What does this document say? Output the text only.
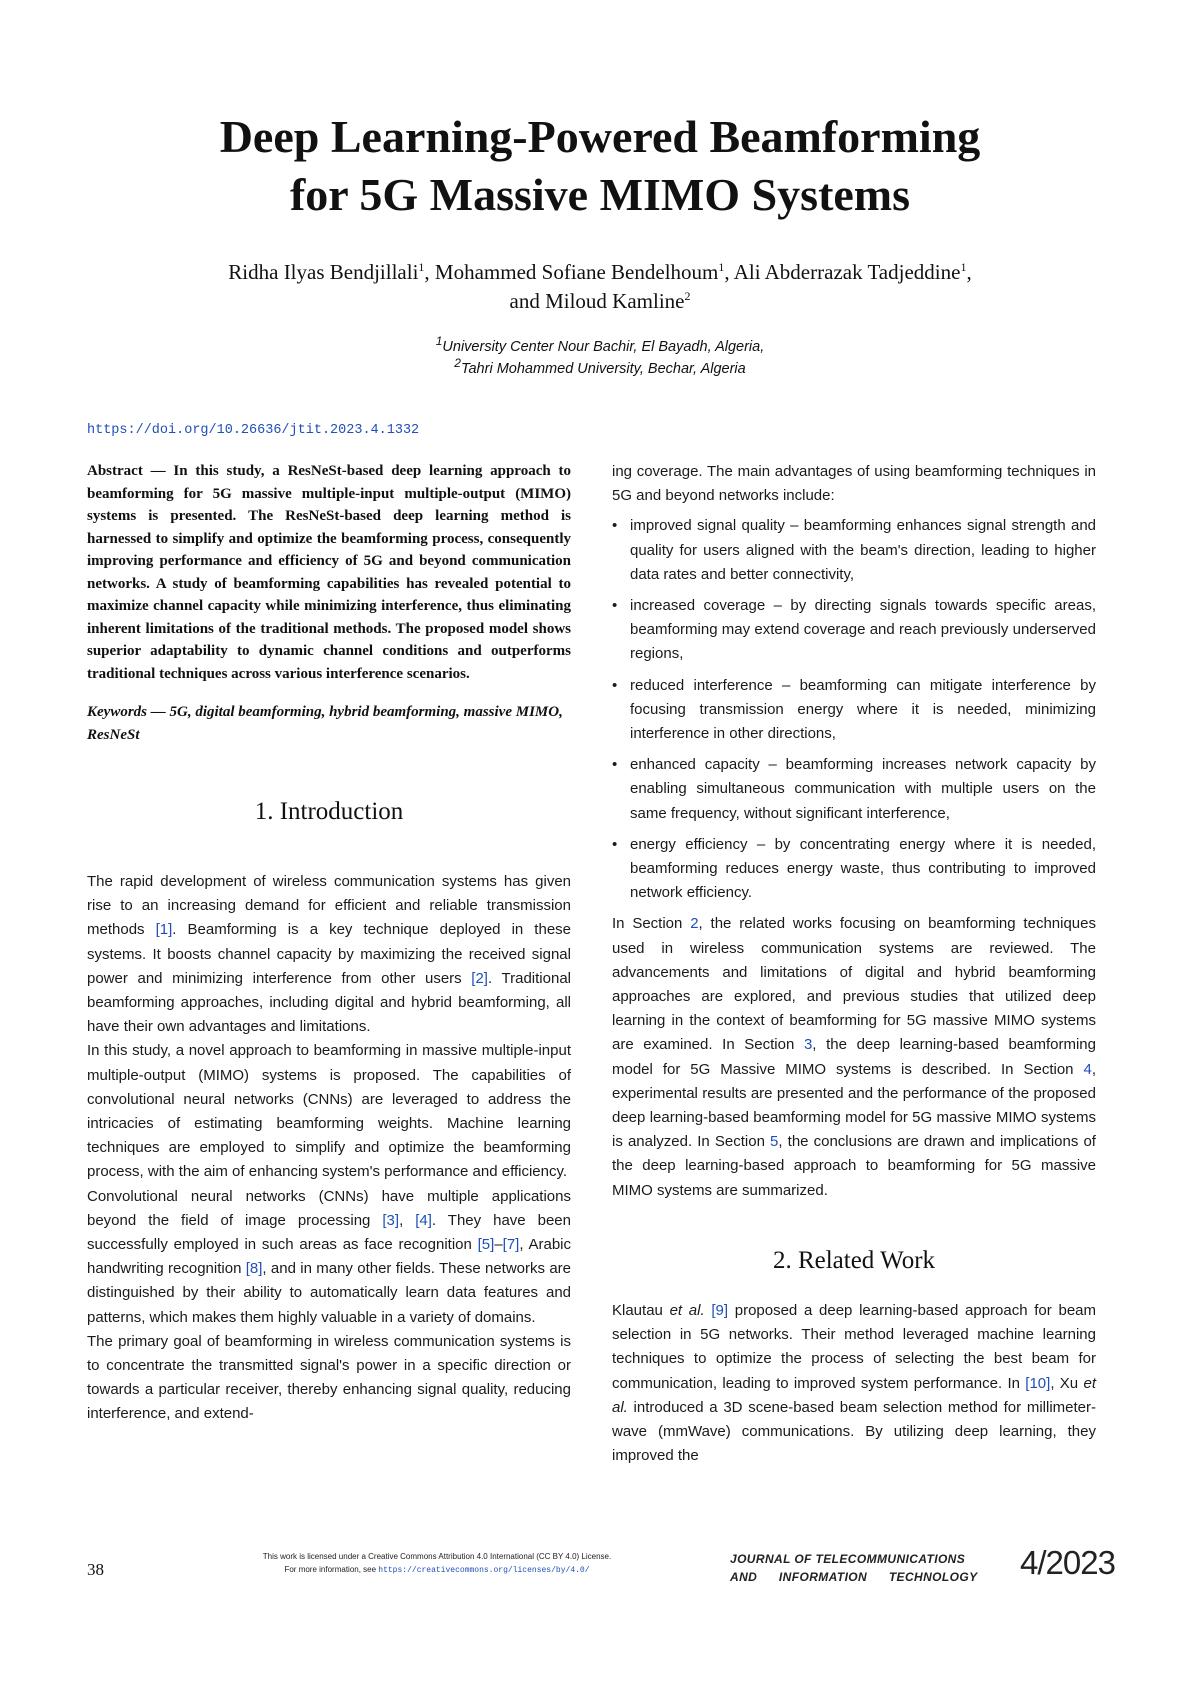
Deep Learning-Powered Beamforming
for 5G Massive MIMO Systems

Ridha Ilyas Bendjillali$^1$, Mohammed Sofiane Bendelhoum$^1$, Ali Abderrazak Tadjeddine$^1$,
and Miloud Kamline$^2$

$^1$University Center Nour Bachir, El Bayadh, Algeria,
$^2$Tahri Mohammed University, Bechar, Algeria

https://doi.org/10.26636/jtit.2023.4.1332

Abstract — In this study, a ResNeSt-based deep learning approach to beamforming for 5G massive multiple-input multiple-output (MIMO) systems is presented. The ResNeSt-based deep learning method is harnessed to simplify and optimize the beamforming process, consequently improving performance and efficiency of 5G and beyond communication networks. A study of beamforming capabilities has revealed potential to maximize channel capacity while minimizing interference, thus eliminating inherent limitations of the traditional methods. The proposed model shows superior adaptability to dynamic channel conditions and outperforms traditional techniques across various interference scenarios.

Keywords — 5G, digital beamforming, hybrid beamforming, massive MIMO, ResNeSt

1. Introduction

The rapid development of wireless communication systems has given rise to an increasing demand for efficient and reliable transmission methods [1]. Beamforming is a key technique deployed in these systems. It boosts channel capacity by maximizing the received signal power and minimizing interference from other users [2]. Traditional beamforming approaches, including digital and hybrid beamforming, all have their own advantages and limitations.

In this study, a novel approach to beamforming in massive multiple-input multiple-output (MIMO) systems is proposed. The capabilities of convolutional neural networks (CNNs) are leveraged to address the intricacies of estimating beamforming weights. Machine learning techniques are employed to simplify and optimize the beamforming process, with the aim of enhancing system's performance and efficiency.

Convolutional neural networks (CNNs) have multiple applications beyond the field of image processing [3], [4]. They have been successfully employed in such areas as face recognition [5]–[7], Arabic handwriting recognition [8], and in many other fields. These networks are distinguished by their ability to automatically learn data features and patterns, which makes them highly valuable in a variety of domains.

The primary goal of beamforming in wireless communication systems is to concentrate the transmitted signal's power in a specific direction or towards a particular receiver, thereby enhancing signal quality, reducing interference, and extend-

ing coverage. The main advantages of using beamforming techniques in 5G and beyond networks include:

• improved signal quality – beamforming enhances signal strength and quality for users aligned with the beam's direction, leading to higher data rates and better connectivity,
• increased coverage – by directing signals towards specific areas, beamforming may extend coverage and reach previously underserved regions,
• reduced interference – beamforming can mitigate interference by focusing transmission energy where it is needed, minimizing interference in other directions,
• enhanced capacity – beamforming increases network capacity by enabling simultaneous communication with multiple users on the same frequency, without significant interference,
• energy efficiency – by concentrating energy where it is needed, beamforming reduces energy waste, thus contributing to improved network efficiency.

In Section 2, the related works focusing on beamforming techniques used in wireless communication systems are reviewed. The advancements and limitations of digital and hybrid beamforming approaches are explored, and previous studies that utilized deep learning in the context of beamforming for 5G massive MIMO systems are examined. In Section 3, the deep learning-based beamforming model for 5G Massive MIMO systems is described. In Section 4, experimental results are presented and the performance of the proposed deep learning-based beamforming model for 5G massive MIMO systems is analyzed. In Section 5, the conclusions are drawn and implications of the deep learning-based approach to beamforming for 5G massive MIMO systems are summarized.

2. Related Work

Klautau et al. [9] proposed a deep learning-based approach for beam selection in 5G networks. Their method leveraged machine learning techniques to optimize the process of selecting the best beam for communication, leading to improved system performance. In [10], Xu et al. introduced a 3D scene-based beam selection method for millimeter-wave (mmWave) communications. By utilizing deep learning, they improved the

38
This work is licensed under a Creative Commons Attribution 4.0 International (CC BY 4.0) License.
For more information, see https://creativecommons.org/licenses/by/4.0/
JOURNAL OF TELECOMMUNICATIONS
AND INFORMATION TECHNOLOGY 4/2023
